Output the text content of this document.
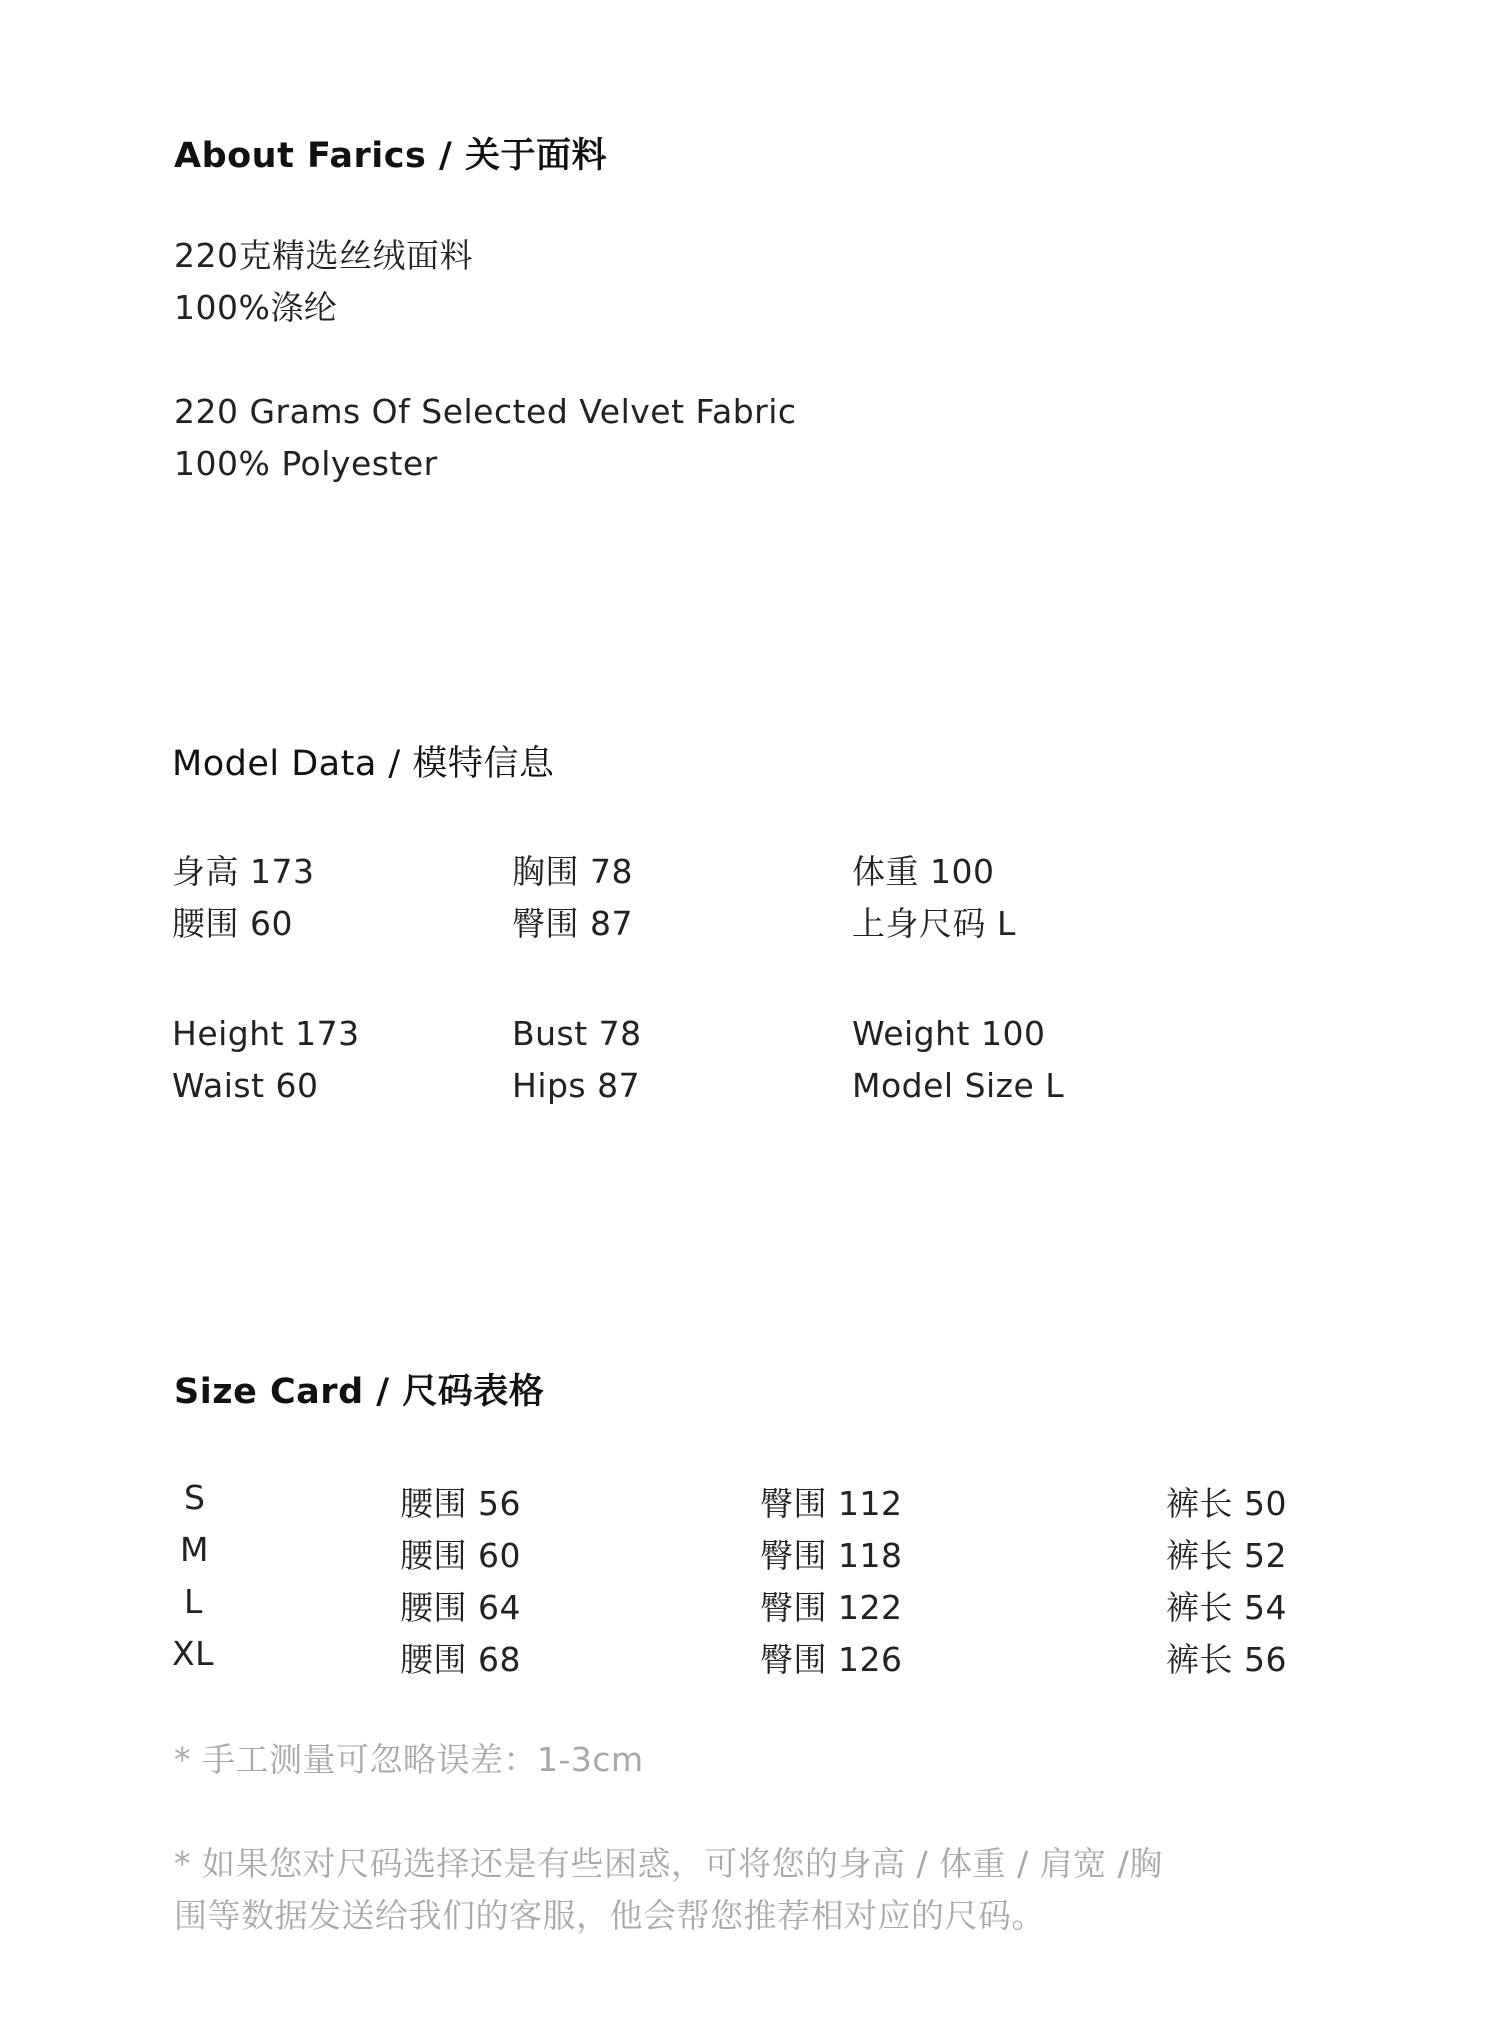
About Farics / 关于面料
220克精选丝绒面料
100%涤纶
220 Grams Of Selected Velvet Fabric
100% Polyester
Model Data / 模特信息
身高 173	胸围 78	体重 100
腰围 60	臀围 87	上身尺码 L
Height 173	Bust 78	Weight 100
Waist 60	Hips 87	Model Size L
Size Card / 尺码表格
S	腰围 56	臀围 112	裤长 50
M	腰围 60	臀围 118	裤长 52
L	腰围 64	臀围 122	裤长 54
XL	腰围 68	臀围 126	裤长 56
* 手工测量可忽略误差：1-3cm
* 如果您对尺码选择还是有些困惑，可将您的身高 / 体重 / 肩宽 /胸
围等数据发送给我们的客服，他会帮您推荐相对应的尺码。
